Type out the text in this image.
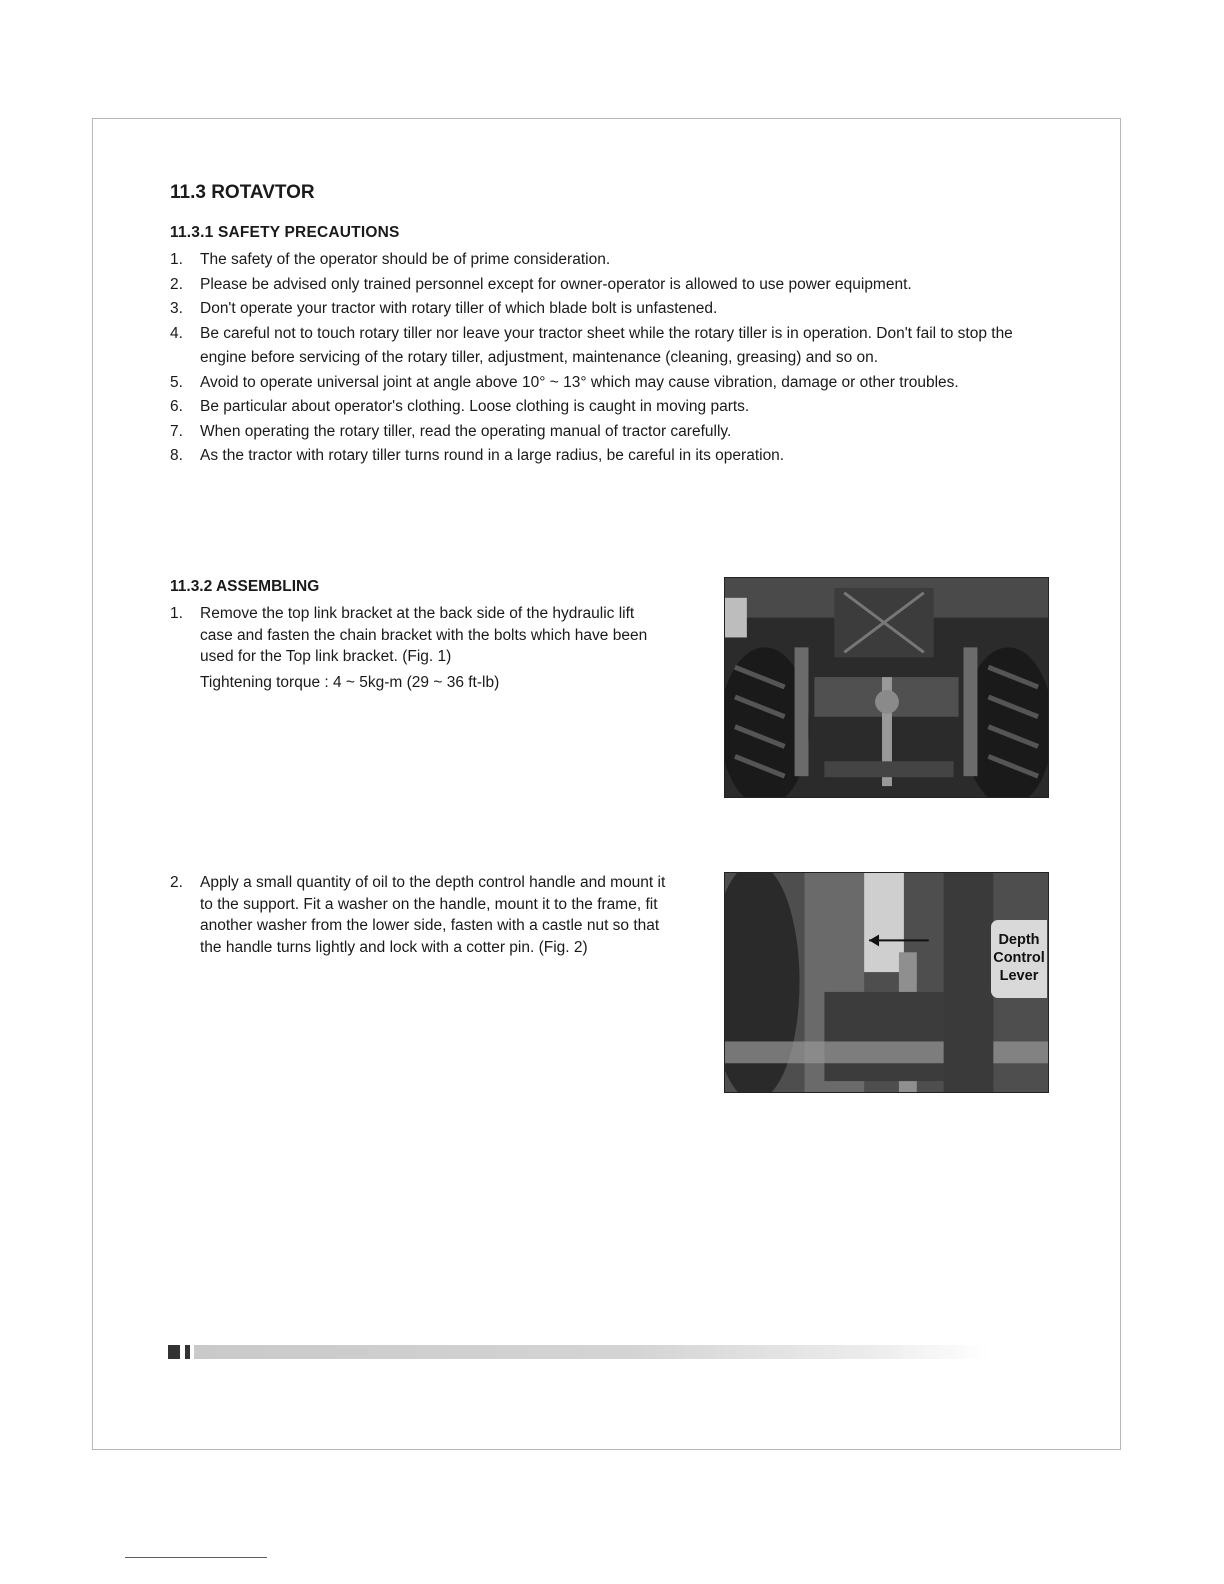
11.3 ROTAVTOR
11.3.1 SAFETY PRECAUTIONS
1. The safety of the operator should be of prime consideration.
2. Please be advised only trained personnel except for owner-operator is allowed to use power equipment.
3. Don't operate your tractor with rotary tiller of which blade bolt is unfastened.
4. Be careful not to touch rotary tiller nor leave your tractor sheet while the rotary tiller is in operation. Don't fail to stop the engine before servicing of the rotary tiller, adjustment, maintenance (cleaning, greasing) and so on.
5. Avoid to operate universal joint at angle above 10° ~ 13° which may cause vibration, damage or other troubles.
6. Be particular about operator's clothing. Loose clothing is caught in moving parts.
7. When operating the rotary tiller, read the operating manual of tractor carefully.
8. As the tractor with rotary tiller turns round in a large radius, be careful in its operation.
11.3.2 ASSEMBLING
1. Remove the top link bracket at the back side of the hydraulic lift case and fasten the chain bracket with the bolts which have been used for the Top link bracket. (Fig. 1)
Tightening torque : 4 ~ 5kg-m (29 ~ 36 ft-lb)
2. Apply a small quantity of oil to the depth control handle and mount it to the support. Fit a washer on the handle, mount it to the frame, fit another washer from the lower side, fasten with a castle nut so that the handle turns lightly and lock with a cotter pin. (Fig. 2)	Depth
Control
Lever
